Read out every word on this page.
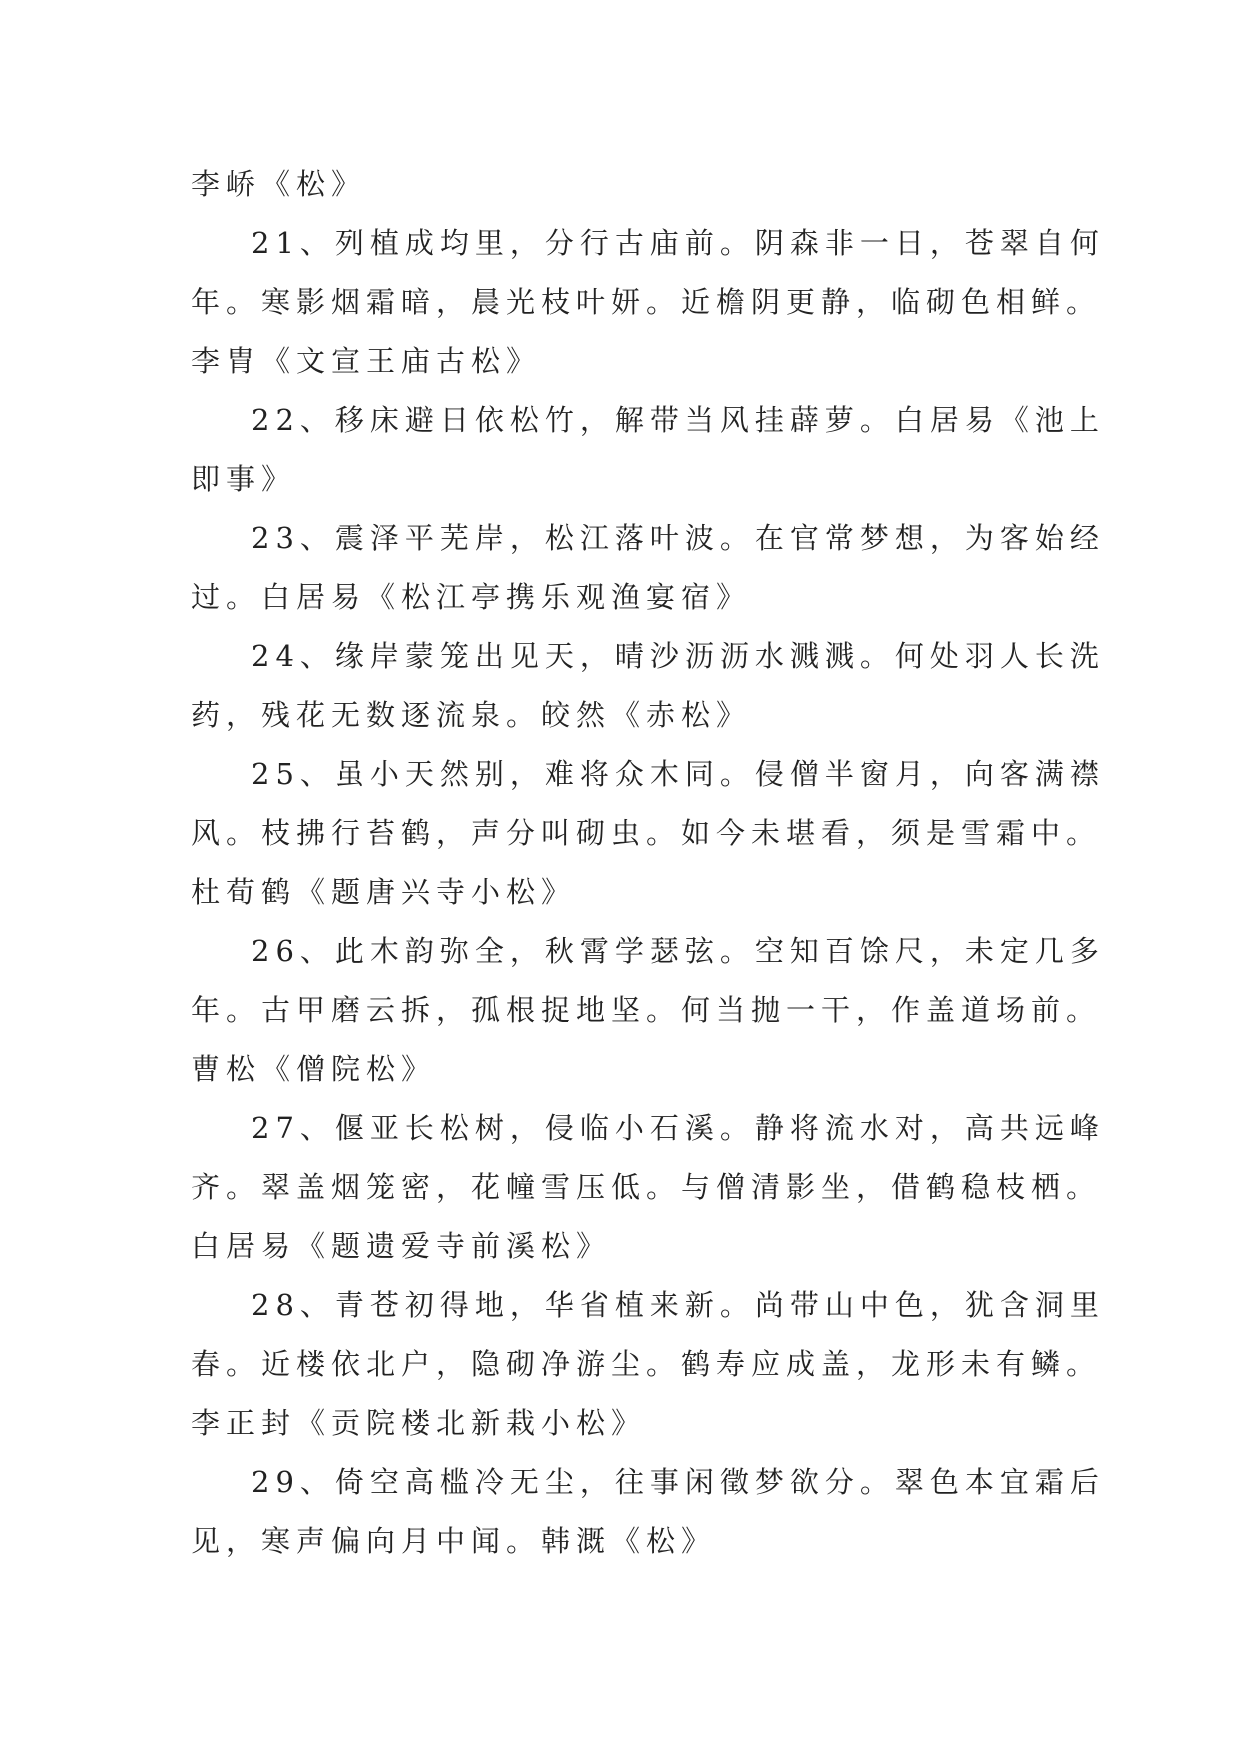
李峤《松》
21、列植成均里，分行古庙前。阴森非一日，苍翠自何
年。寒影烟霜暗，晨光枝叶妍。近檐阴更静，临砌色相鲜。
李胄《文宣王庙古松》
22、移床避日依松竹，解带当风挂薜萝。白居易《池上
即事》
23、震泽平芜岸，松江落叶波。在官常梦想，为客始经
过。白居易《松江亭携乐观渔宴宿》
24、缘岸蒙笼出见天，晴沙沥沥水溅溅。何处羽人长洗
药，残花无数逐流泉。皎然《赤松》
25、虽小天然别，难将众木同。侵僧半窗月，向客满襟
风。枝拂行苔鹤，声分叫砌虫。如今未堪看，须是雪霜中。
杜荀鹤《题唐兴寺小松》
26、此木韵弥全，秋霄学瑟弦。空知百馀尺，未定几多
年。古甲磨云拆，孤根捉地坚。何当抛一干，作盖道场前。
曹松《僧院松》
27、偃亚长松树，侵临小石溪。静将流水对，高共远峰
齐。翠盖烟笼密，花幢雪压低。与僧清影坐，借鹤稳枝栖。
白居易《题遗爱寺前溪松》
28、青苍初得地，华省植来新。尚带山中色，犹含洞里
春。近楼依北户，隐砌净游尘。鹤寿应成盖，龙形未有鳞。
李正封《贡院楼北新栽小松》
29、倚空高槛冷无尘，往事闲徵梦欲分。翠色本宜霜后
见，寒声偏向月中闻。韩溉《松》
